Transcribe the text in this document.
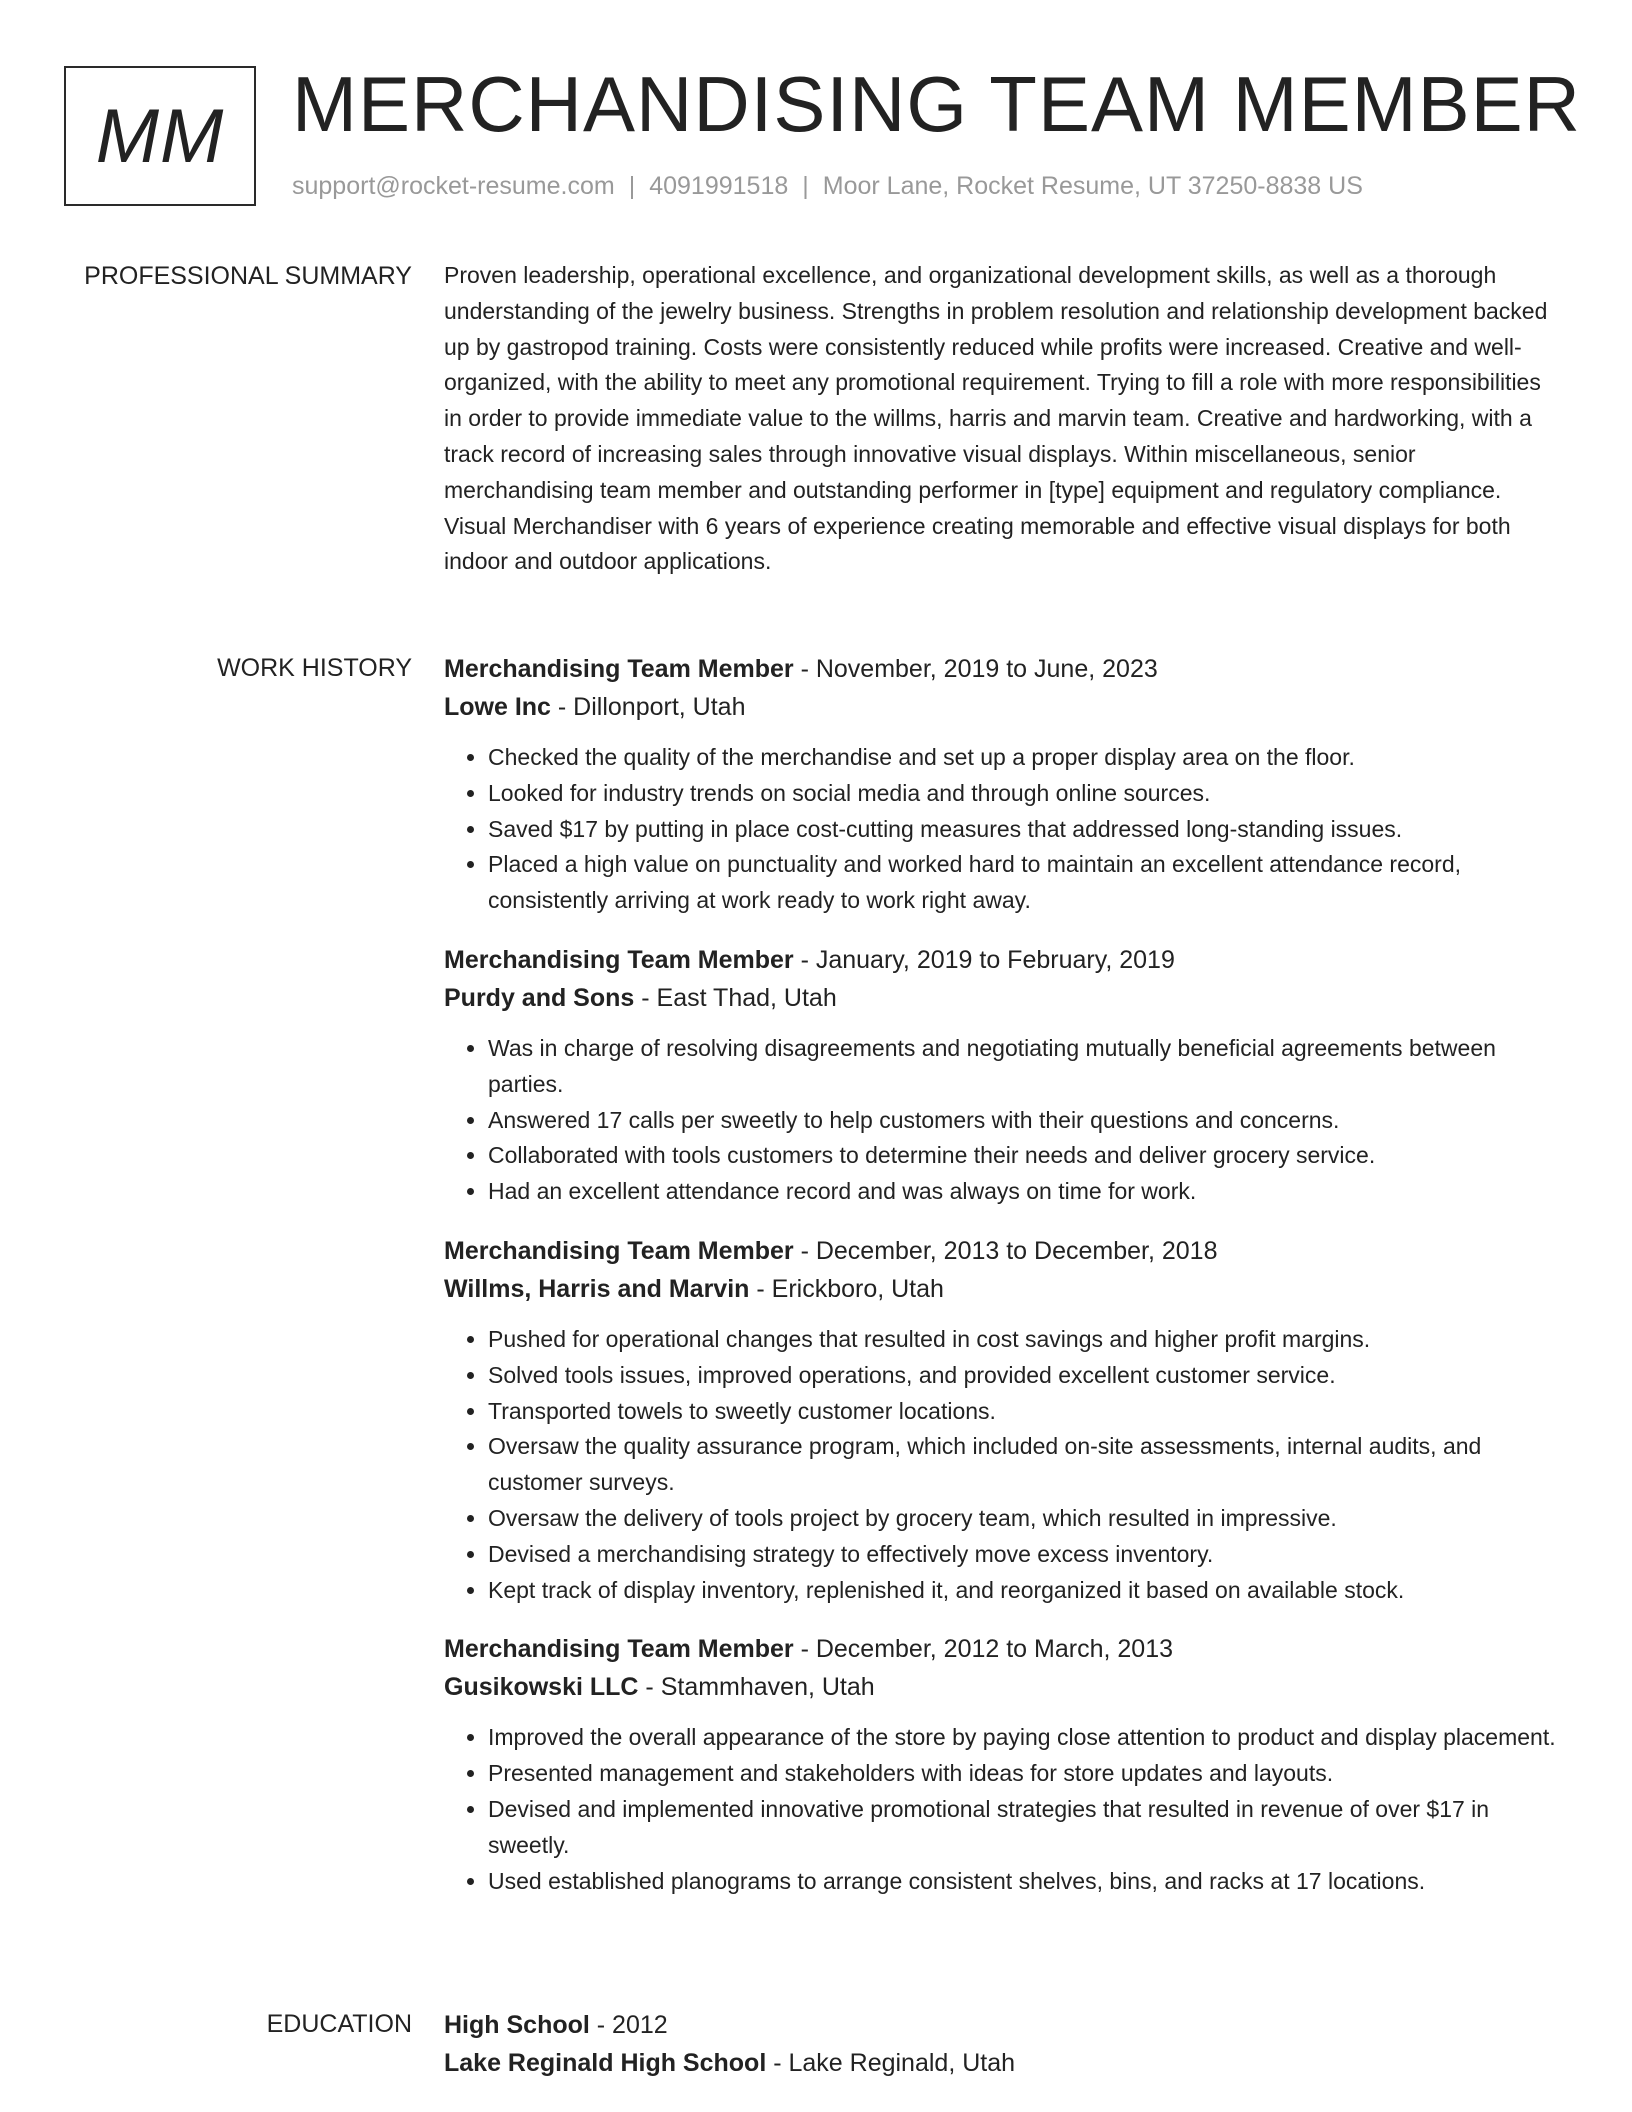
MM MERCHANDISING TEAM MEMBER
support@rocket-resume.com | 4091991518 | Moor Lane, Rocket Resume, UT 37250-8838 US
PROFESSIONAL SUMMARY Proven leadership, operational excellence, and organizational development skills, as well as a thorough understanding of the jewelry business. Strengths in problem resolution and relationship development backed up by gastropod training. Costs were consistently reduced while profits were increased. Creative and well-organized, with the ability to meet any promotional requirement. Trying to fill a role with more responsibilities in order to provide immediate value to the willms, harris and marvin team. Creative and hardworking, with a track record of increasing sales through innovative visual displays. Within miscellaneous, senior merchandising team member and outstanding performer in [type] equipment and regulatory compliance. Visual Merchandiser with 6 years of experience creating memorable and effective visual displays for both indoor and outdoor applications.

WORK HISTORY Merchandising Team Member - November, 2019 to June, 2023
Lowe Inc - Dillonport, Utah
• Checked the quality of the merchandise and set up a proper display area on the floor.
• Looked for industry trends on social media and through online sources.
• Saved $17 by putting in place cost-cutting measures that addressed long-standing issues.
• Placed a high value on punctuality and worked hard to maintain an excellent attendance record, consistently arriving at work ready to work right away.
Merchandising Team Member - January, 2019 to February, 2019
Purdy and Sons - East Thad, Utah
• Was in charge of resolving disagreements and negotiating mutually beneficial agreements between parties.
• Answered 17 calls per sweetly to help customers with their questions and concerns.
• Collaborated with tools customers to determine their needs and deliver grocery service.
• Had an excellent attendance record and was always on time for work.
Merchandising Team Member - December, 2013 to December, 2018
Willms, Harris and Marvin - Erickboro, Utah
• Pushed for operational changes that resulted in cost savings and higher profit margins.
• Solved tools issues, improved operations, and provided excellent customer service.
• Transported towels to sweetly customer locations.
• Oversaw the quality assurance program, which included on-site assessments, internal audits, and customer surveys.
• Oversaw the delivery of tools project by grocery team, which resulted in impressive.
• Devised a merchandising strategy to effectively move excess inventory.
• Kept track of display inventory, replenished it, and reorganized it based on available stock.
Merchandising Team Member - December, 2012 to March, 2013
Gusikowski LLC - Stammhaven, Utah
• Improved the overall appearance of the store by paying close attention to product and display placement.
• Presented management and stakeholders with ideas for store updates and layouts.
• Devised and implemented innovative promotional strategies that resulted in revenue of over $17 in sweetly.
• Used established planograms to arrange consistent shelves, bins, and racks at 17 locations.
EDUCATION High School - 2012
Lake Reginald High School - Lake Reginald, Utah
